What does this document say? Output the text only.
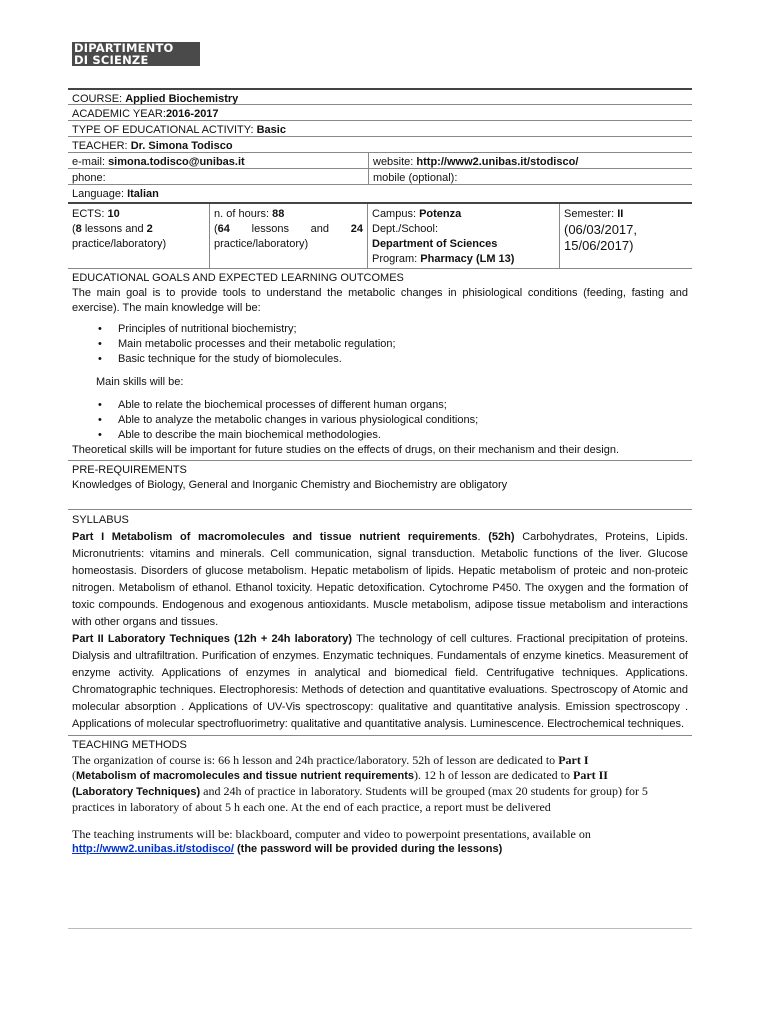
DIPARTIMENTO
DI SCIENZE
COURSE: Applied Biochemistry
ACADEMIC YEAR:2016-2017
TYPE OF EDUCATIONAL ACTIVITY: Basic
TEACHER: Dr. Simona Todisco
e-mail: simona.todisco@unibas.it	website: http://www2.unibas.it/stodisco/
phone:	mobile (optional):
Language: Italian
ECTS: 10
(8 lessons and 2
practice/laboratory)
n. of hours: 88
(64 lessons and 24
practice/laboratory)
Campus: Potenza
Dept./School:
Department of Sciences
Program: Pharmacy (LM 13)
Semester: II
(06/03/2017,
15/06/2017)
EDUCATIONAL GOALS AND EXPECTED LEARNING OUTCOMES
The main goal is to provide tools to understand the metabolic changes in phisiological conditions (feeding, fasting and exercise). The main knowledge will be:
• Principles of nutritional biochemistry;
• Main metabolic processes and their metabolic regulation;
• Basic technique for the study of biomolecules.
Main skills will be:
• Able to relate the biochemical processes of different human organs;
• Able to analyze the metabolic changes in various physiological conditions;
• Able to describe the main biochemical methodologies.
Theoretical skills will be important for future studies on the effects of drugs, on their mechanism and their design.
PRE-REQUIREMENTS
Knowledges of Biology, General and Inorganic Chemistry and Biochemistry are obligatory
SYLLABUS
Part I Metabolism of macromolecules and tissue nutrient requirements. (52h) Carbohydrates, Proteins, Lipids. Micronutrients: vitamins and minerals. Cell communication, signal transduction. Metabolic functions of the liver. Glucose homeostasis. Disorders of glucose metabolism. Hepatic metabolism of lipids. Hepatic metabolism of proteic and non-proteic nitrogen. Metabolism of ethanol. Ethanol toxicity. Hepatic detoxification. Cytochrome P450. The oxygen and the formation of toxic compounds. Endogenous and exogenous antioxidants. Muscle metabolism, adipose tissue metabolism and interactions with other organs and tissues.
Part II Laboratory Techniques (12h + 24h laboratory) The technology of cell cultures. Fractional precipitation of proteins. Dialysis and ultrafiltration. Purification of enzymes. Enzymatic techniques. Fundamentals of enzyme kinetics. Measurement of enzyme activity. Applications of enzymes in analytical and biomedical field. Centrifugative techniques. Applications. Chromatographic techniques. Electrophoresis: Methods of detection and quantitative evaluations. Spectroscopy of Atomic and molecular absorption . Applications of UV-Vis spectroscopy: qualitative and quantitative analysis. Emission spectroscopy . Applications of molecular spectrofluorimetry: qualitative and quantitative analysis. Luminescence. Electrochemical techniques.
TEACHING METHODS
The organization of course is: 66 h lesson and 24h practice/laboratory. 52h of lesson are dedicated to Part I
(Metabolism of macromolecules and tissue nutrient requirements). 12 h of lesson are dedicated to Part II
(Laboratory Techniques) and 24h of practice in laboratory. Students will be grouped (max 20 students for group) for 5 practices in laboratory of about 5 h each one. At the end of each practice, a report must be delivered
The teaching instruments will be: blackboard, computer and video to powerpoint presentations, available on
http://www2.unibas.it/stodisco/ (the password will be provided during the lessons)
